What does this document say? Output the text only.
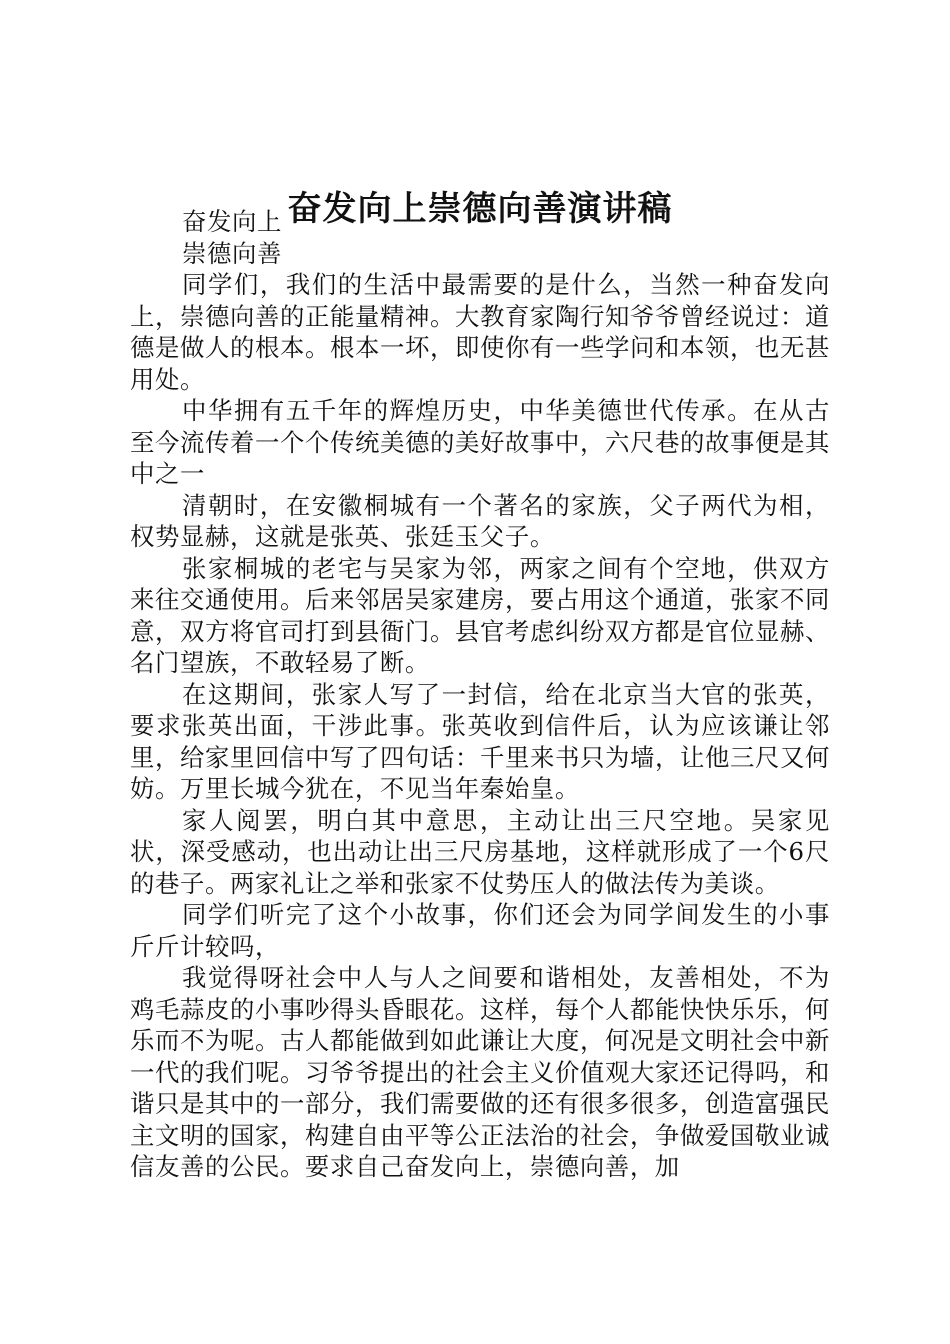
奋发向上崇德向善演讲稿

奋发向上

崇德向善

同学们，我们的生活中最需要的是什么，当然一种奋发向上，崇德向善的正能量精神。大教育家陶行知爷爷曾经说过：道德是做人的根本。根本一坏，即使你有一些学问和本领，也无甚用处。

中华拥有五千年的辉煌历史，中华美德世代传承。在从古至今流传着一个个传统美德的美好故事中，六尺巷的故事便是其中之一

清朝时，在安徽桐城有一个著名的家族，父子两代为相，权势显赫，这就是张英、张廷玉父子。

张家桐城的老宅与吴家为邻，两家之间有个空地，供双方来往交通使用。后来邻居吴家建房，要占用这个通道，张家不同意，双方将官司打到县衙门。县官考虑纠纷双方都是官位显赫、名门望族，不敢轻易了断。

在这期间，张家人写了一封信，给在北京当大官的张英，要求张英出面，干涉此事。张英收到信件后，认为应该谦让邻里，给家里回信中写了四句话：千里来书只为墙，让他三尺又何妨。万里长城今犹在，不见当年秦始皇。

家人阅罢，明白其中意思，主动让出三尺空地。吴家见状，深受感动，也出动让出三尺房基地，这样就形成了一个6尺的巷子。两家礼让之举和张家不仗势压人的做法传为美谈。

同学们听完了这个小故事，你们还会为同学间发生的小事斤斤计较吗，

我觉得呀社会中人与人之间要和谐相处，友善相处，不为鸡毛蒜皮的小事吵得头昏眼花。这样，每个人都能快快乐乐，何乐而不为呢。古人都能做到如此谦让大度，何况是文明社会中新一代的我们呢。习爷爷提出的社会主义价值观大家还记得吗，和谐只是其中的一部分，我们需要做的还有很多很多，创造富强民主文明的国家，构建自由平等公正法治的社会，争做爱国敬业诚信友善的公民。要求自己奋发向上，崇德向善，加
